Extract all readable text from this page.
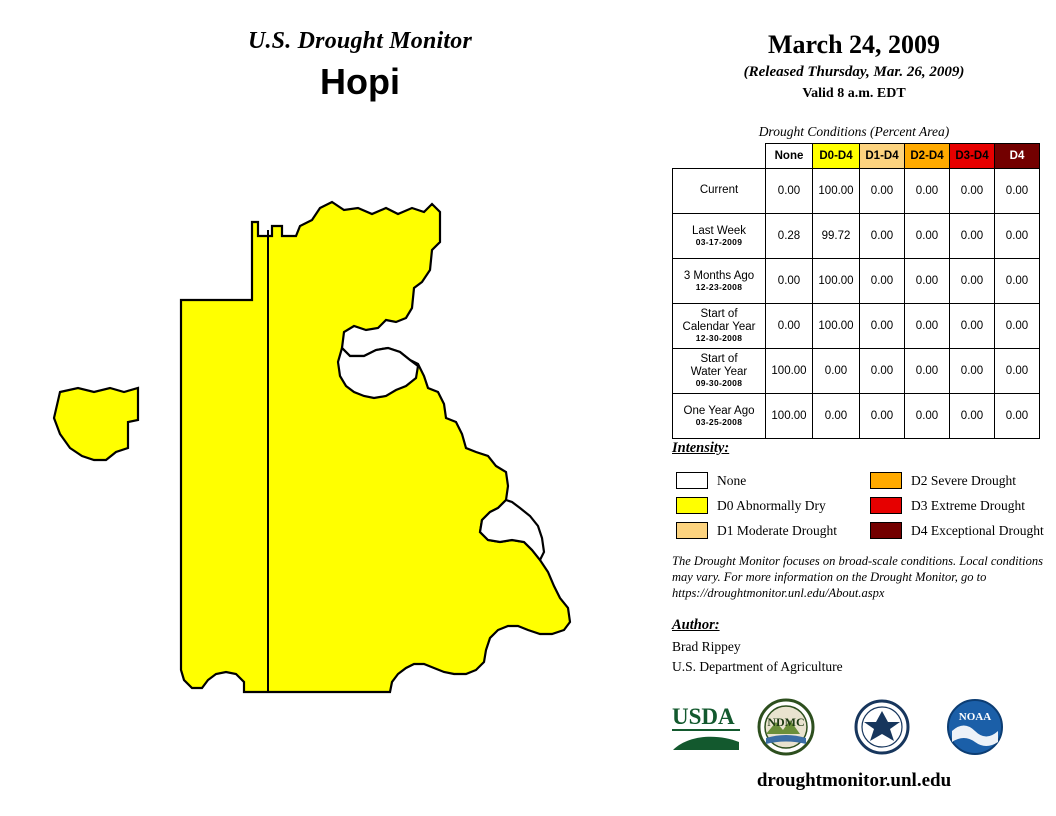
U.S. Drought Monitor
Hopi
March 24, 2009
(Released Thursday, Mar. 26, 2009)
Valid 8 a.m. EDT
Drought Conditions (Percent Area)
	None	D0-D4	D1-D4	D2-D4	D3-D4	D4
Current	0.00	100.00	0.00	0.00	0.00	0.00
Last Week
03-17-2009	0.28	99.72	0.00	0.00	0.00	0.00
3 Months Ago
12-23-2008	0.00	100.00	0.00	0.00	0.00	0.00
Start of
Calendar Year
12-30-2008	0.00	100.00	0.00	0.00	0.00	0.00
Start of
Water Year
09-30-2008	100.00	0.00	0.00	0.00	0.00	0.00
One Year Ago
03-25-2008	100.00	0.00	0.00	0.00	0.00	0.00
Intensity:
None
D0 Abnormally Dry
D1 Moderate Drought
D2 Severe Drought
D3 Extreme Drought
D4 Exceptional Drought
The Drought Monitor focuses on broad-scale conditions. Local conditions may vary. For more information on the Drought Monitor, go to https://droughtmonitor.unl.edu/About.aspx
Author:
Brad Rippey
U.S. Department of Agriculture
USDA	NDMC	NOAA
droughtmonitor.unl.edu
